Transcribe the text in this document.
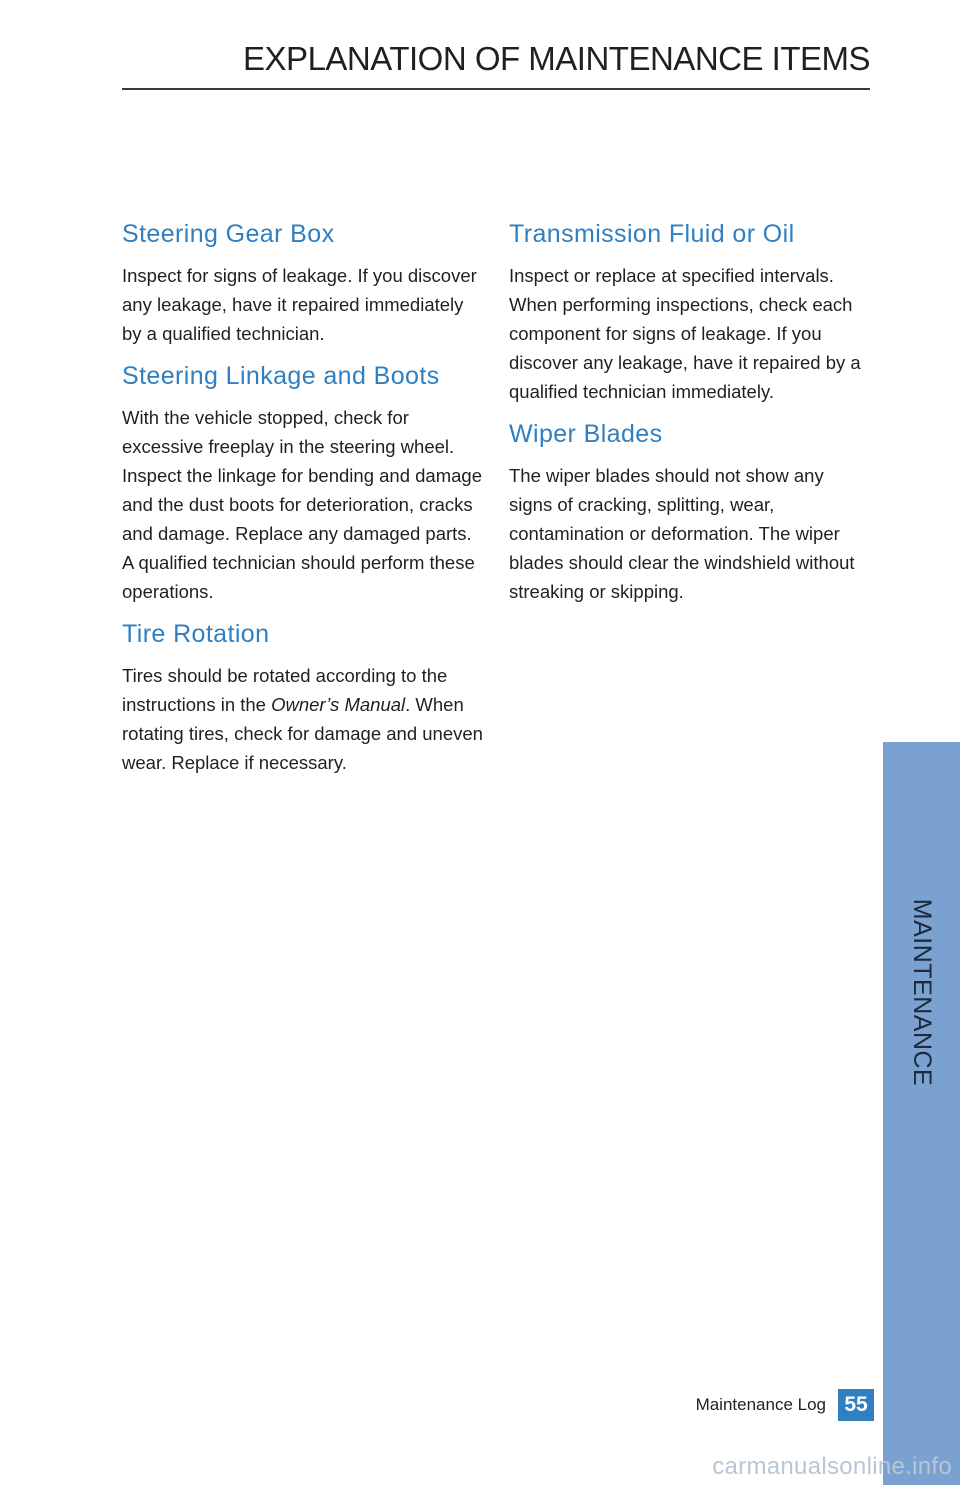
EXPLANATION OF MAINTENANCE ITEMS
Steering Gear Box

Inspect for signs of leakage. If you discover any leakage, have it repaired immediately by a qualified technician.

Steering Linkage and Boots

With the vehicle stopped, check for excessive freeplay in the steering wheel. Inspect the linkage for bending and damage and the dust boots for deterioration, cracks and damage. Replace any damaged parts. A qualified technician should perform these operations.

Tire Rotation

Tires should be rotated according to the instructions in the Owner’s Manual. When rotating tires, check for damage and uneven wear. Replace if necessary.

Transmission Fluid or Oil

Inspect or replace at specified intervals. When performing inspections, check each component for signs of leakage. If you discover any leakage, have it repaired by a qualified technician immediately.

Wiper Blades

The wiper blades should not show any signs of cracking, splitting, wear, contamination or deformation. The wiper blades should clear the windshield without streaking or skipping.

MAINTENANCE
Maintenance Log 55
carmanualsonline.info
